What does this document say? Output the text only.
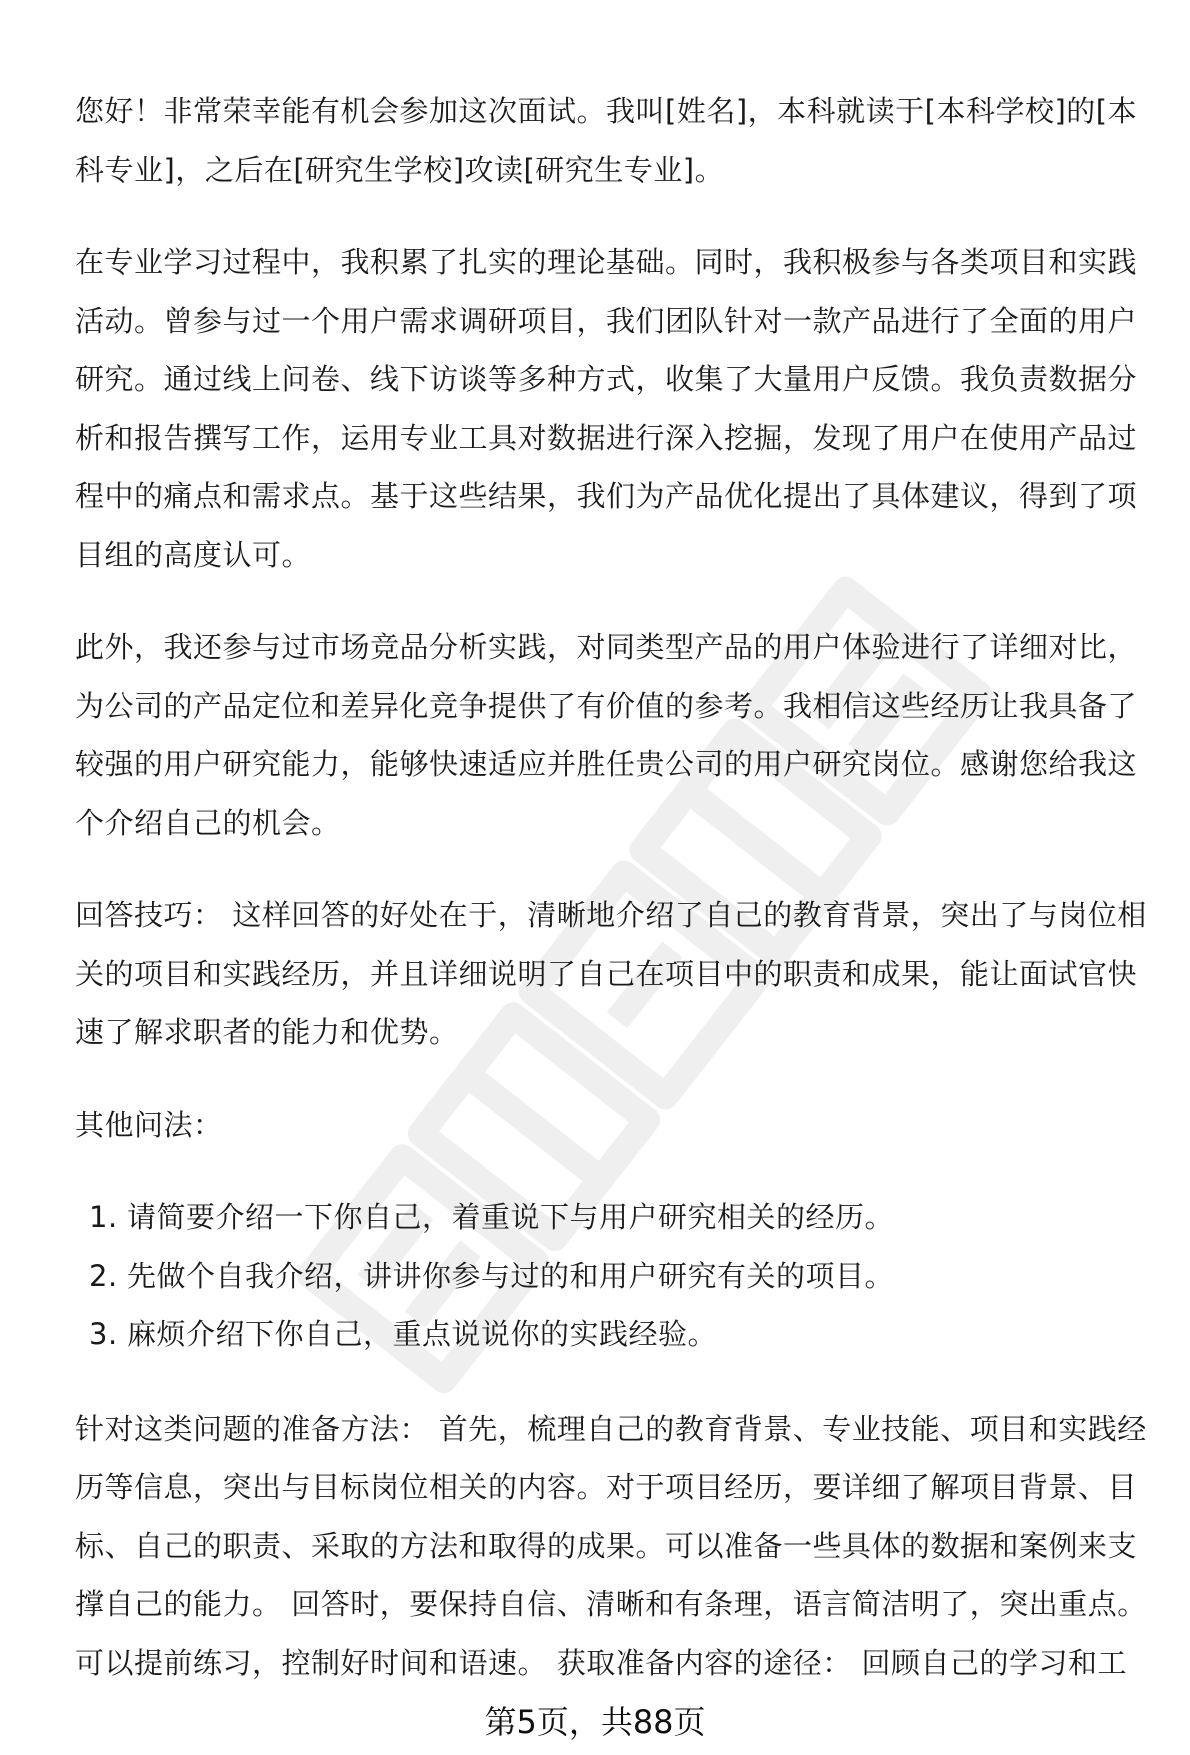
您好！非常荣幸能有机会参加这次面试。我叫[姓名]，本科就读于[本科学校]的[本科专业]，之后在[研究生学校]攻读[研究生专业]。

在专业学习过程中，我积累了扎实的理论基础。同时，我积极参与各类项目和实践活动。曾参与过一个用户需求调研项目，我们团队针对一款产品进行了全面的用户研究。通过线上问卷、线下访谈等多种方式，收集了大量用户反馈。我负责数据分析和报告撰写工作，运用专业工具对数据进行深入挖掘，发现了用户在使用产品过程中的痛点和需求点。基于这些结果，我们为产品优化提出了具体建议，得到了项目组的高度认可。

此外，我还参与过市场竞品分析实践，对同类型产品的用户体验进行了详细对比，为公司的产品定位和差异化竞争提供了有价值的参考。我相信这些经历让我具备了较强的用户研究能力，能够快速适应并胜任贵公司的用户研究岗位。感谢您给我这个介绍自己的机会。

回答技巧： 这样回答的好处在于，清晰地介绍了自己的教育背景，突出了与岗位相关的项目和实践经历，并且详细说明了自己在项目中的职责和成果，能让面试官快速了解求职者的能力和优势。

其他问法：

1. 请简要介绍一下你自己，着重说下与用户研究相关的经历。
2. 先做个自我介绍，讲讲你参与过的和用户研究有关的项目。
3. 麻烦介绍下你自己，重点说说你的实践经验。

针对这类问题的准备方法： 首先，梳理自己的教育背景、专业技能、项目和实践经历等信息，突出与目标岗位相关的内容。对于项目经历，要详细了解项目背景、目标、自己的职责、采取的方法和取得的成果。可以准备一些具体的数据和案例来支撑自己的能力。 回答时，要保持自信、清晰和有条理，语言简洁明了，突出重点。可以提前练习，控制好时间和语速。 获取准备内容的途径： 回顾自己的学习和工

第5页，共88页
